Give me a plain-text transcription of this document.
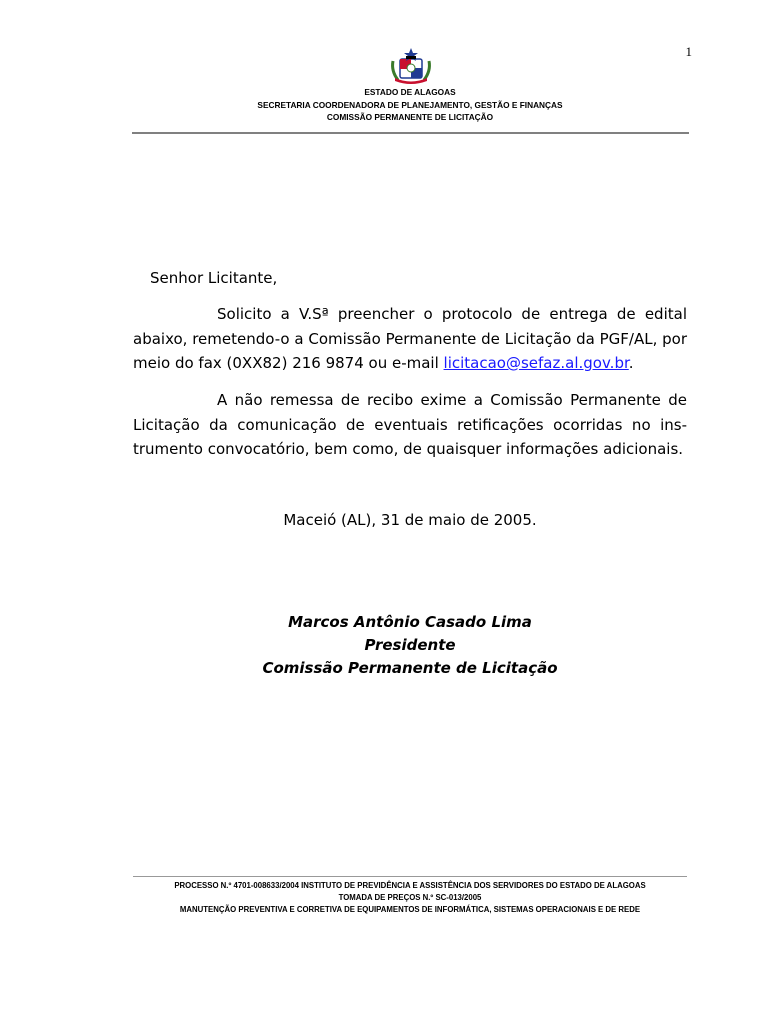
1
ESTADO DE ALAGOAS
SECRETARIA COORDENADORA DE PLANEJAMENTO, GESTÃO E FINANÇAS
COMISSÃO PERMANENTE DE LICITAÇÃO
Senhor Licitante,

Solicito a V.Sª preencher o protocolo de entrega de edital abaixo, remetendo-o a Comissão Permanente de Licitação da PGF/AL, por meio do fax (0XX82) 216 9874 ou e-mail licitacao@sefaz.al.gov.br.

A não remessa de recibo exime a Comissão Permanente de Licitação da comunicação de eventuais retificações ocorridas no ins-trumento convocatório, bem como, de quaisquer informações adicionais.

Maceió (AL), 31 de maio de 2005.
Marcos Antônio Casado Lima
Presidente
Comissão Permanente de Licitação
PROCESSO N.º 4701-008633/2004 INSTITUTO DE PREVIDÊNCIA E ASSISTÊNCIA DOS SERVIDORES DO ESTADO DE ALAGOAS
TOMADA DE PREÇOS N.º SC-013/2005
MANUTENÇÃO PREVENTIVA E CORRETIVA DE EQUIPAMENTOS DE INFORMÁTICA, SISTEMAS OPERACIONAIS E DE REDE
